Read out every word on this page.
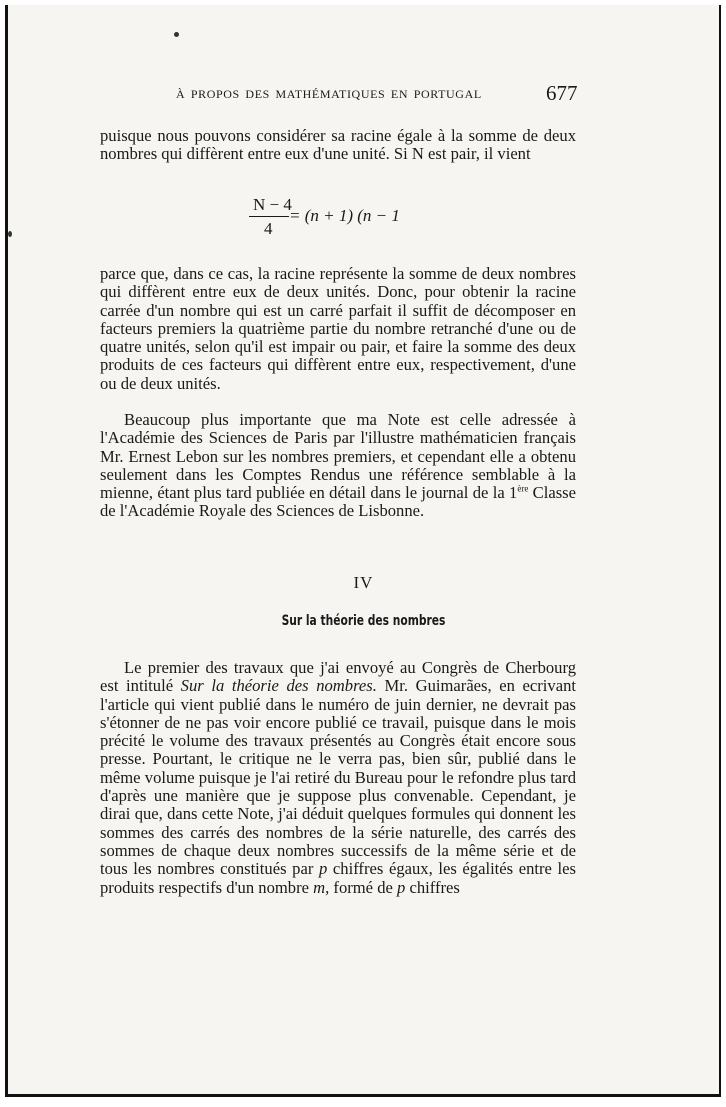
À PROPOS DES MATHÉMATIQUES EN PORTUGAL	677

puisque nous pouvons considérer sa racine égale à la somme de deux nombres qui diffèrent entre eux d'une unité. Si N est pair, il vient

N − 4
4
= (n + 1) (n − 1

parce que, dans ce cas, la racine représente la somme de deux nombres qui diffèrent entre eux de deux unités. Donc, pour obtenir la racine carrée d'un nombre qui est un carré parfait il suffit de décomposer en facteurs premiers la quatrième partie du nombre retranché d'une ou de quatre unités, selon qu'il est impair ou pair, et faire la somme des deux produits de ces facteurs qui diffèrent entre eux, respectivement, d'une ou de deux unités.

Beaucoup plus importante que ma Note est celle adressée à l'Académie des Sciences de Paris par l'illustre mathématicien français Mr. Ernest Lebon sur les nombres premiers, et cependant elle a obtenu seulement dans les Comptes Rendus une référence semblable à la mienne, étant plus tard publiée en détail dans le journal de la 1ère Classe de l'Académie Royale des Sciences de Lisbonne.

IV
Sur la théorie des nombres

Le premier des travaux que j'ai envoyé au Congrès de Cherbourg est intitulé Sur la théorie des nombres. Mr. Guimarães, en ecrivant l'article qui vient publié dans le numéro de juin dernier, ne devrait pas s'étonner de ne pas voir encore publié ce travail, puisque dans le mois précité le volume des travaux présentés au Congrès était encore sous presse. Pourtant, le critique ne le verra pas, bien sûr, publié dans le même volume puisque je l'ai retiré du Bureau pour le refondre plus tard d'après une manière que je suppose plus convenable. Cependant, je dirai que, dans cette Note, j'ai déduit quelques formules qui donnent les sommes des carrés des nombres de la série naturelle, des carrés des sommes de chaque deux nombres successifs de la même série et de tous les nombres constitués par p chiffres égaux, les égalités entre les produits respectifs d'un nombre m, formé de p chiffres
